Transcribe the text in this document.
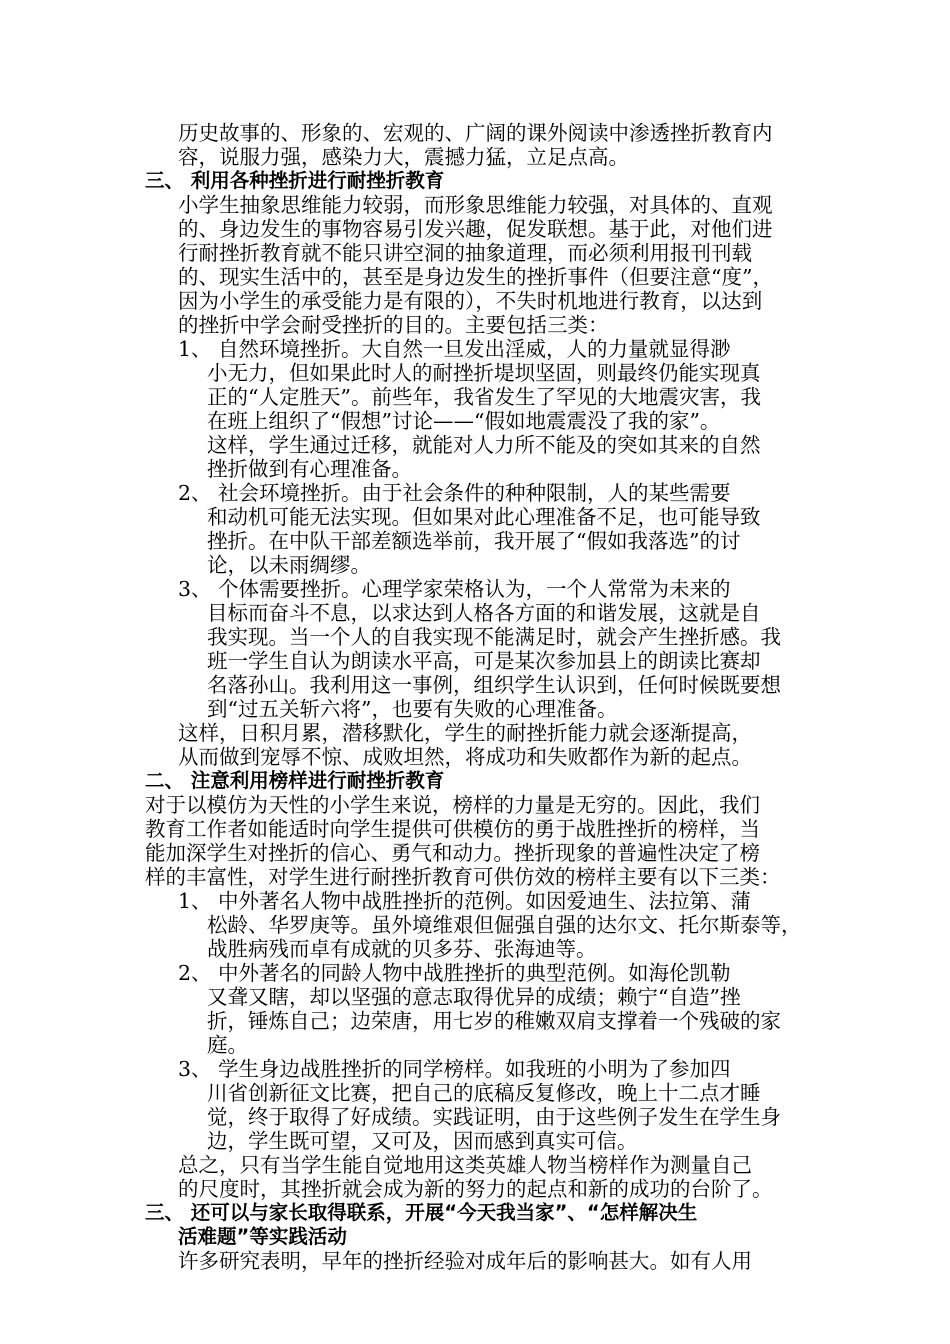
历史故事的、形象的、宏观的、广阔的课外阅读中渗透挫折教育内
容，说服力强，感染力大，震撼力猛，立足点高。
三、 利用各种挫折进行耐挫折教育
小学生抽象思维能力较弱，而形象思维能力较强，对具体的、直观
的、身边发生的事物容易引发兴趣，促发联想。基于此，对他们进
行耐挫折教育就不能只讲空洞的抽象道理，而必须利用报刊刊载
的、现实生活中的，甚至是身边发生的挫折事件（但要注意“度”，
因为小学生的承受能力是有限的），不失时机地进行教育，以达到
的挫折中学会耐受挫折的目的。主要包括三类：
1、 自然环境挫折。大自然一旦发出淫威，人的力量就显得渺
小无力，但如果此时人的耐挫折堤坝坚固，则最终仍能实现真
正的“人定胜天”。前些年，我省发生了罕见的大地震灾害，我
在班上组织了“假想”讨论——“假如地震震没了我的家”。
这样，学生通过迁移，就能对人力所不能及的突如其来的自然
挫折做到有心理准备。
2、 社会环境挫折。由于社会条件的种种限制，人的某些需要
和动机可能无法实现。但如果对此心理准备不足，也可能导致
挫折。在中队干部差额选举前，我开展了“假如我落选”的讨
论，以未雨绸缪。
3、 个体需要挫折。心理学家荣格认为，一个人常常为未来的
目标而奋斗不息，以求达到人格各方面的和谐发展，这就是自
我实现。当一个人的自我实现不能满足时，就会产生挫折感。我
班一学生自认为朗读水平高，可是某次参加县上的朗读比赛却
名落孙山。我利用这一事例，组织学生认识到，任何时候既要想
到“过五关斩六将”，也要有失败的心理准备。
这样，日积月累，潜移默化，学生的耐挫折能力就会逐渐提高，
从而做到宠辱不惊、成败坦然，将成功和失败都作为新的起点。
二、 注意利用榜样进行耐挫折教育
对于以模仿为天性的小学生来说，榜样的力量是无穷的。因此，我们
教育工作者如能适时向学生提供可供模仿的勇于战胜挫折的榜样，当
能加深学生对挫折的信心、勇气和动力。挫折现象的普遍性决定了榜
样的丰富性，对学生进行耐挫折教育可供仿效的榜样主要有以下三类：
1、 中外著名人物中战胜挫折的范例。如因爱迪生、法拉第、蒲
松龄、华罗庚等。虽外境维艰但倔强自强的达尔文、托尔斯泰等，
战胜病残而卓有成就的贝多芬、张海迪等。
2、 中外著名的同龄人物中战胜挫折的典型范例。如海伦凯勒
又聋又瞎，却以坚强的意志取得优异的成绩；赖宁“自造”挫
折，锤炼自己；边荣唐，用七岁的稚嫩双肩支撑着一个残破的家
庭。
3、 学生身边战胜挫折的同学榜样。如我班的小明为了参加四
川省创新征文比赛，把自己的底稿反复修改，晚上十二点才睡
觉，终于取得了好成绩。实践证明，由于这些例子发生在学生身
边，学生既可望，又可及，因而感到真实可信。
总之，只有当学生能自觉地用这类英雄人物当榜样作为测量自己
的尺度时，其挫折就会成为新的努力的起点和新的成功的台阶了。
三、 还可以与家长取得联系，开展“今天我当家”、“怎样解决生
活难题”等实践活动
许多研究表明，早年的挫折经验对成年后的影响甚大。如有人用
